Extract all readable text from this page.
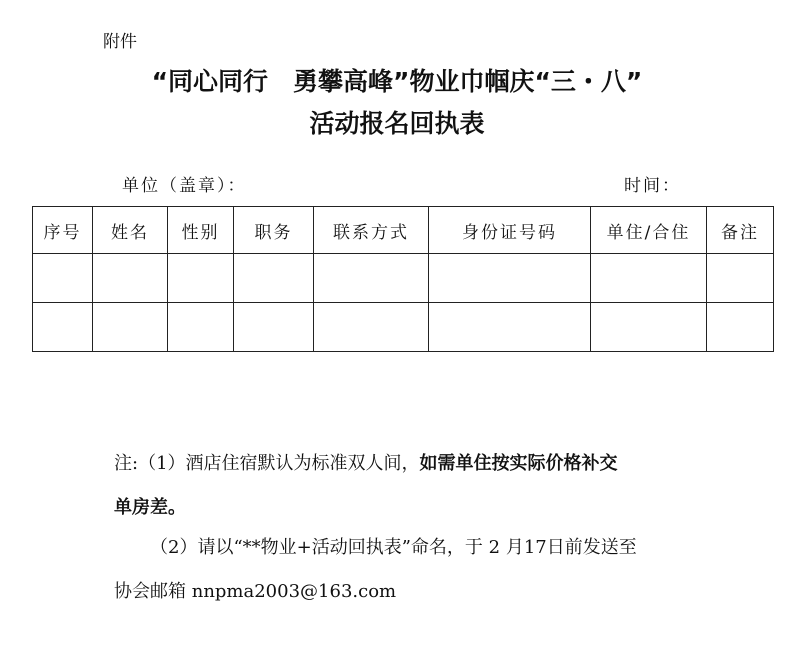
附件
“同心同行　勇攀高峰”物业巾帼庆“三・八”
活动报名回执表
单位（盖章）：	时间：
序号	姓名	性别	职务	联系方式	身份证号码	单住/合住	备注

注:（1）酒店住宿默认为标准双人间，如需单住按实际价格补交
单房差。
（2）请以“**物业+活动回执表”命名，于 2 月17日前发送至
协会邮箱 nnpma2003@163.com
